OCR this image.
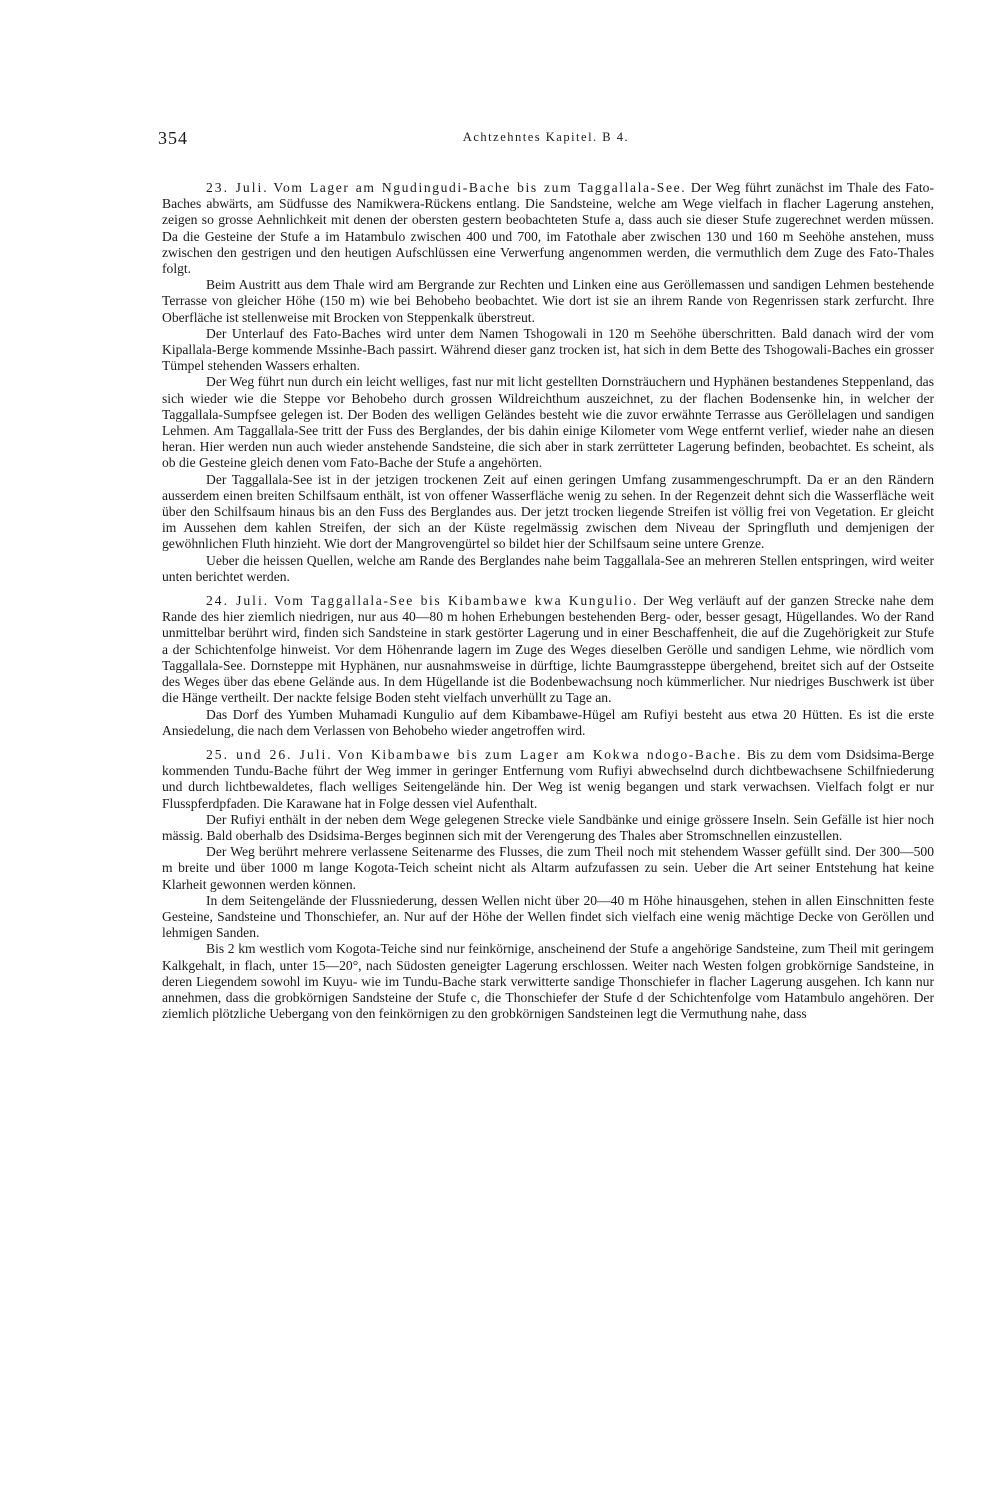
354	Achtzehntes Kapitel. B 4.

23. Juli. Vom Lager am Ngudingudi-Bache bis zum Taggallala-See. Der Weg führt zunächst im Thale des Fato-Baches abwärts, am Südfusse des Namikwera-Rückens entlang. Die Sandsteine, welche am Wege vielfach in flacher Lagerung anstehen, zeigen so grosse Aehnlichkeit mit denen der obersten gestern beobachteten Stufe a, dass auch sie dieser Stufe zugerechnet werden müssen. Da die Gesteine der Stufe a im Hatambulo zwischen 400 und 700, im Fatothale aber zwischen 130 und 160 m Seehöhe anstehen, muss zwischen den gestrigen und den heutigen Aufschlüssen eine Verwerfung angenommen werden, die vermuthlich dem Zuge des Fato-Thales folgt.

Beim Austritt aus dem Thale wird am Bergrande zur Rechten und Linken eine aus Geröllemassen und sandigen Lehmen bestehende Terrasse von gleicher Höhe (150 m) wie bei Behobeho beobachtet. Wie dort ist sie an ihrem Rande von Regenrissen stark zerfurcht. Ihre Oberfläche ist stellenweise mit Brocken von Steppenkalk überstreut.

Der Unterlauf des Fato-Baches wird unter dem Namen Tshogowali in 120 m Seehöhe überschritten. Bald danach wird der vom Kipallala-Berge kommende Mssinhe-Bach passirt. Während dieser ganz trocken ist, hat sich in dem Bette des Tshogowali-Baches ein grosser Tümpel stehenden Wassers erhalten.

Der Weg führt nun durch ein leicht welliges, fast nur mit licht gestellten Dornsträuchern und Hyphänen bestandenes Steppenland, das sich wieder wie die Steppe vor Behobeho durch grossen Wildreichthum auszeichnet, zu der flachen Bodensenke hin, in welcher der Taggallala-Sumpfsee gelegen ist. Der Boden des welligen Geländes besteht wie die zuvor erwähnte Terrasse aus Geröllelagen und sandigen Lehmen. Am Taggallala-See tritt der Fuss des Berglandes, der bis dahin einige Kilometer vom Wege entfernt verlief, wieder nahe an diesen heran. Hier werden nun auch wieder anstehende Sandsteine, die sich aber in stark zerrütteter Lagerung befinden, beobachtet. Es scheint, als ob die Gesteine gleich denen vom Fato-Bache der Stufe a angehörten.

Der Taggallala-See ist in der jetzigen trockenen Zeit auf einen geringen Umfang zusammengeschrumpft. Da er an den Rändern ausserdem einen breiten Schilfsaum enthält, ist von offener Wasserfläche wenig zu sehen. In der Regenzeit dehnt sich die Wasserfläche weit über den Schilfsaum hinaus bis an den Fuss des Berglandes aus. Der jetzt trocken liegende Streifen ist völlig frei von Vegetation. Er gleicht im Aussehen dem kahlen Streifen, der sich an der Küste regelmässig zwischen dem Niveau der Springfluth und demjenigen der gewöhnlichen Fluth hinzieht. Wie dort der Mangrovengürtel so bildet hier der Schilfsaum seine untere Grenze.

Ueber die heissen Quellen, welche am Rande des Berglandes nahe beim Taggallala-See an mehreren Stellen entspringen, wird weiter unten berichtet werden.

24. Juli. Vom Taggallala-See bis Kibambawe kwa Kungulio. Der Weg verläuft auf der ganzen Strecke nahe dem Rande des hier ziemlich niedrigen, nur aus 40—80 m hohen Erhebungen bestehenden Berg- oder, besser gesagt, Hügellandes. Wo der Rand unmittelbar berührt wird, finden sich Sandsteine in stark gestörter Lagerung und in einer Beschaffenheit, die auf die Zugehörigkeit zur Stufe a der Schichtenfolge hinweist. Vor dem Höhenrande lagern im Zuge des Weges dieselben Gerölle und sandigen Lehme, wie nördlich vom Taggallala-See. Dornsteppe mit Hyphänen, nur ausnahmsweise in dürftige, lichte Baumgrassteppe übergehend, breitet sich auf der Ostseite des Weges über das ebene Gelände aus. In dem Hügellande ist die Bodenbewachsung noch kümmerlicher. Nur niedriges Buschwerk ist über die Hänge vertheilt. Der nackte felsige Boden steht vielfach unverhüllt zu Tage an.

Das Dorf des Yumben Muhamadi Kungulio auf dem Kibambawe-Hügel am Rufiyi besteht aus etwa 20 Hütten. Es ist die erste Ansiedelung, die nach dem Verlassen von Behobeho wieder angetroffen wird.

25. und 26. Juli. Von Kibambawe bis zum Lager am Kokwa ndogo-Bache. Bis zu dem vom Dsidsima-Berge kommenden Tundu-Bache führt der Weg immer in geringer Entfernung vom Rufiyi abwechselnd durch dichtbewachsene Schilfniederung und durch lichtbewaldetes, flach welliges Seitengelände hin. Der Weg ist wenig begangen und stark verwachsen. Vielfach folgt er nur Flusspferdpfaden. Die Karawane hat in Folge dessen viel Aufenthalt.

Der Rufiyi enthält in der neben dem Wege gelegenen Strecke viele Sandbänke und einige grössere Inseln. Sein Gefälle ist hier noch mässig. Bald oberhalb des Dsidsima-Berges beginnen sich mit der Verengerung des Thales aber Stromschnellen einzustellen.

Der Weg berührt mehrere verlassene Seitenarme des Flusses, die zum Theil noch mit stehendem Wasser gefüllt sind. Der 300—500 m breite und über 1000 m lange Kogota-Teich scheint nicht als Altarm aufzufassen zu sein. Ueber die Art seiner Entstehung hat keine Klarheit gewonnen werden können.

In dem Seitengelände der Flussniederung, dessen Wellen nicht über 20—40 m Höhe hinausgehen, stehen in allen Einschnitten feste Gesteine, Sandsteine und Thonschiefer, an. Nur auf der Höhe der Wellen findet sich vielfach eine wenig mächtige Decke von Geröllen und lehmigen Sanden.

Bis 2 km westlich vom Kogota-Teiche sind nur feinkörnige, anscheinend der Stufe a angehörige Sandsteine, zum Theil mit geringem Kalkgehalt, in flach, unter 15—20°, nach Südosten geneigter Lagerung erschlossen. Weiter nach Westen folgen grobkörnige Sandsteine, in deren Liegendem sowohl im Kuyu- wie im Tundu-Bache stark verwitterte sandige Thonschiefer in flacher Lagerung ausgehen. Ich kann nur annehmen, dass die grobkörnigen Sandsteine der Stufe c, die Thonschiefer der Stufe d der Schichtenfolge vom Hatambulo angehören. Der ziemlich plötzliche Uebergang von den feinkörnigen zu den grobkörnigen Sandsteinen legt die Vermuthung nahe, dass
